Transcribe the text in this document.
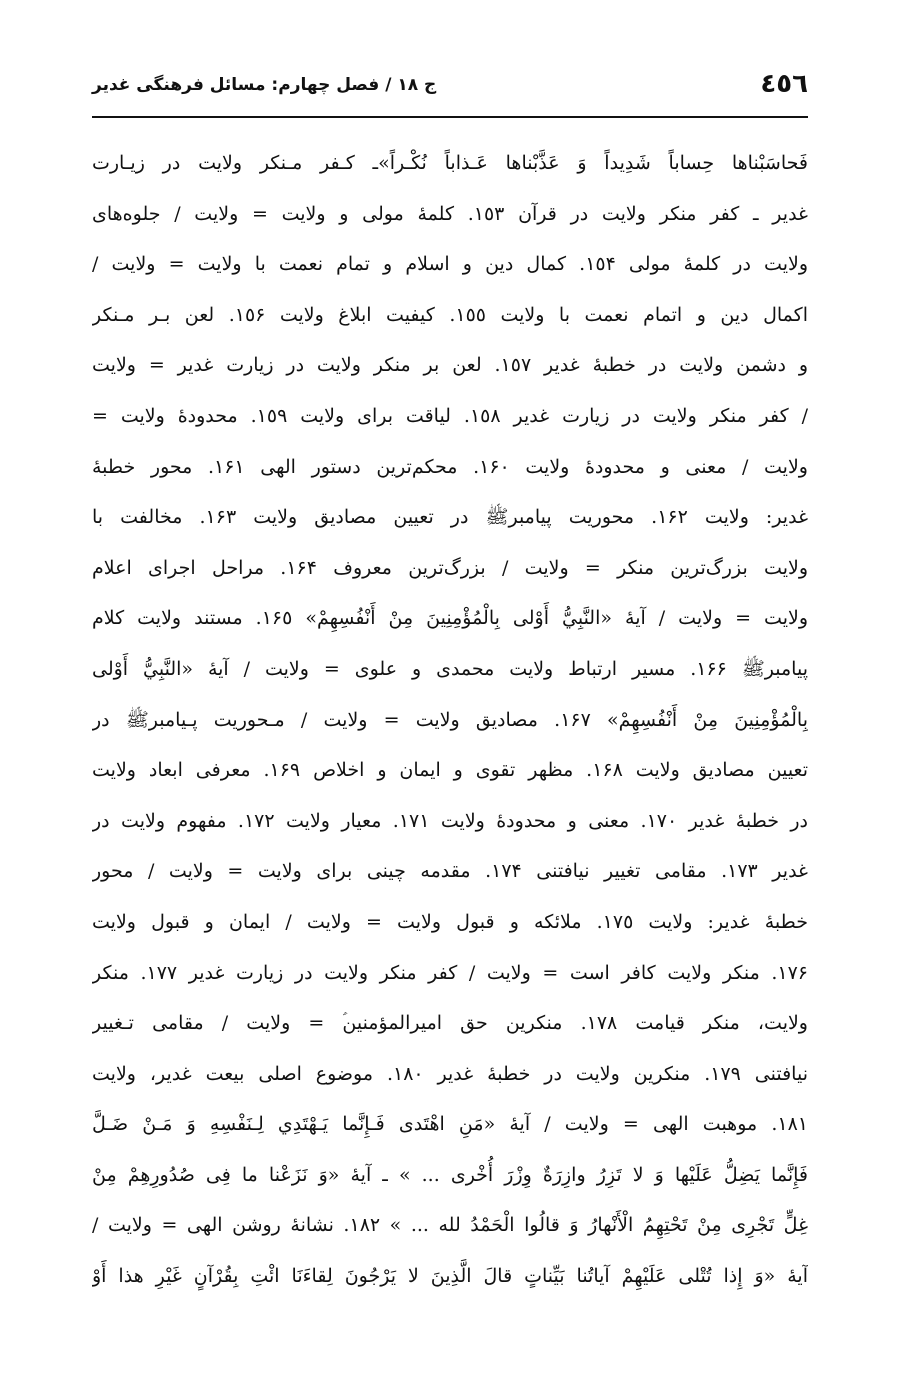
٤٥٦
ج ١٨ / فصل چهارم: مسائل فرهنگی غدیر
فَحاسَبْناها حِساباً شَدِيداً وَ عَذَّبْناها عَـذاباً نُكْـراً»ـ كـفر مـنكر ولايت در زيـارت
غدير ـ كفر منكر ولايت در قرآن ١٥٣. كلمۀ مولى و ولايت = ولايت / جلوه‌هاى
ولايت در كلمۀ مولى ١٥۴. كمال دين و اسلام و تمام نعمت با ولايت = ولايت /
اكمال دين و اتمام نعمت با ولايت ١٥٥. كيفيت ابلاغ ولايت ١٥۶. لعن بـر مـنكر
و دشمن ولايت در خطبۀ غدير ١٥٧. لعن بر منكر ولايت در زيارت غدير = ولايت
/ كفر منكر ولايت در زيارت غدير ١٥٨. لياقت براى ولايت ١٥٩. محدودۀ ولايت =
ولايت / معنى و محدودۀ ولايت ١۶٠. محكم‌ترين دستور الهى ١۶١. محور خطبۀ
غدير: ولايت ١۶٢. محوريت پيامبرﷺ در تعيين مصاديق ولايت ١۶٣. مخالفت با
ولايت بزرگ‌ترين منكر = ولايت / بزرگ‌ترين معروف ١۶۴. مراحل اجراى اعلام
ولايت = ولايت / آيۀ «النَّبِيُّ أَوْلى بِالْمُؤْمِنِينَ مِنْ أَنْفُسِهِمْ» ١۶٥. مستند ولايت كلام
پيامبرﷺ ١۶۶. مسير ارتباط ولايت محمدى و علوى = ولايت / آيۀ «النَّبِيُّ أَوْلى
بِالْمُؤْمِنِينَ مِنْ أَنْفُسِهِمْ» ١۶٧. مصاديق ولايت = ولايت / مـحوريت پـيامبرﷺ در
تعيين مصاديق ولايت ١۶٨. مظهر تقوى و ايمان و اخلاص ١۶٩. معرفى ابعاد ولايت
در خطبۀ غدير ١٧٠. معنى و محدودۀ ولايت ١٧١. معيار ولايت ١٧٢. مفهوم ولايت در
غدير ١٧٣. مقامى تغيير نيافتنى ١٧۴. مقدمه چينى براى ولايت = ولايت / محور
خطبۀ غدير: ولايت ١٧٥. ملائكه و قبول ولايت = ولايت / ايمان و قبول ولايت
١٧۶. منكر ولايت كافر است = ولايت / كفر منكر ولايت در زيارت غدير ١٧٧. منكر
ولايت، منكر قيامت ١٧٨. منكرين حق اميرالمؤمنين‌ؑ = ولايت / مقامى تـغيير
نيافتنى ١٧٩. منكرين ولايت در خطبۀ غدير ١٨٠. موضوع اصلى بيعت غدير، ولايت
١٨١. موهبت الهى = ولايت / آيۀ «مَنِ اهْتَدى فَـإِنَّما يَـهْتَدِي لِـنَفْسِهِ وَ مَـنْ ضَـلَّ
فَإِنَّما يَضِلُّ عَلَيْها وَ لا تَزِرُ وازِرَةٌ وِزْرَ أُخْرى ... » ـ آيۀ «وَ نَزَعْنا ما فِى صُدُورِهِمْ مِنْ
غِلٍّ تَجْرِى مِنْ تَحْتِهِمُ الْأَنْهارُ وَ قالُوا الْحَمْدُ لله ... » ١٨٢. نشانۀ روشن الهى = ولايت /
آيۀ «وَ إِذا تُتْلى عَلَيْهِمْ آياتُنا بَيِّناتٍ قالَ الَّذِينَ لا يَرْجُونَ لِقاءَنَا ائْتِ بِقُرْآنٍ غَيْرِ هذا أَوْ
